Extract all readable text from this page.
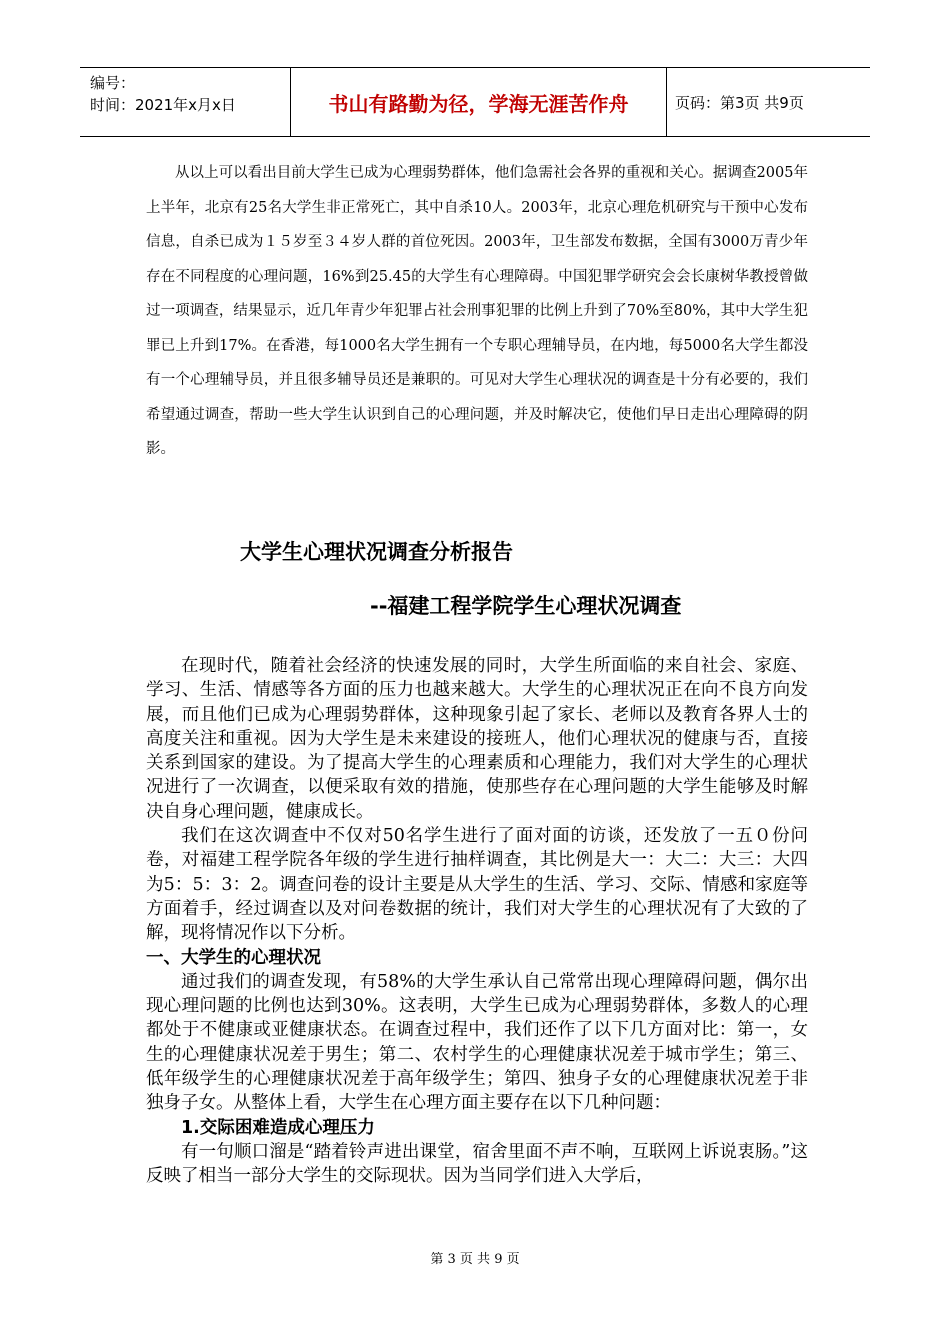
编号：
时间：2021年x月x日	书山有路勤为径，学海无涯苦作舟	页码：第3页 共9页

从以上可以看出目前大学生已成为心理弱势群体，他们急需社会各界的重视和关心。据调查2005年上半年，北京有25名大学生非正常死亡，其中自杀10人。2003年，北京心理危机研究与干预中心发布信息，自杀已成为１５岁至３４岁人群的首位死因。2003年，卫生部发布数据，全国有3000万青少年存在不同程度的心理问题，16%到25.45的大学生有心理障碍。中国犯罪学研究会会长康树华教授曾做过一项调查，结果显示，近几年青少年犯罪占社会刑事犯罪的比例上升到了70%至80%，其中大学生犯罪已上升到17%。在香港，每1000名大学生拥有一个专职心理辅导员，在内地，每5000名大学生都没有一个心理辅导员，并且很多辅导员还是兼职的。可见对大学生心理状况的调查是十分有必要的，我们希望通过调查，帮助一些大学生认识到自己的心理问题，并及时解决它，使他们早日走出心理障碍的阴影。

大学生心理状况调查分析报告
--福建工程学院学生心理状况调查

在现时代，随着社会经济的快速发展的同时，大学生所面临的来自社会、家庭、学习、生活、情感等各方面的压力也越来越大。大学生的心理状况正在向不良方向发展，而且他们已成为心理弱势群体，这种现象引起了家长、老师以及教育各界人士的高度关注和重视。因为大学生是未来建设的接班人，他们心理状况的健康与否，直接关系到国家的建设。为了提高大学生的心理素质和心理能力，我们对大学生的心理状况进行了一次调查，以便采取有效的措施，使那些存在心理问题的大学生能够及时解决自身心理问题，健康成长。

我们在这次调查中不仅对50名学生进行了面对面的访谈，还发放了一五０份问卷，对福建工程学院各年级的学生进行抽样调查，其比例是大一：大二：大三：大四为5：5：3：2。调查问卷的设计主要是从大学生的生活、学习、交际、情感和家庭等方面着手，经过调查以及对问卷数据的统计，我们对大学生的心理状况有了大致的了解，现将情况作以下分析。

一、大学生的心理状况

通过我们的调查发现，有58%的大学生承认自己常常出现心理障碍问题，偶尔出现心理问题的比例也达到30%。这表明，大学生已成为心理弱势群体，多数人的心理都处于不健康或亚健康状态。在调查过程中，我们还作了以下几方面对比：第一，女生的心理健康状况差于男生；第二、农村学生的心理健康状况差于城市学生；第三、低年级学生的心理健康状况差于高年级学生；第四、独身子女的心理健康状况差于非独身子女。从整体上看，大学生在心理方面主要存在以下几种问题：

1.交际困难造成心理压力

有一句顺口溜是“踏着铃声进出课堂，宿舍里面不声不响，互联网上诉说衷肠。”这反映了相当一部分大学生的交际现状。因为当同学们进入大学后，

第 3 页 共 9 页
